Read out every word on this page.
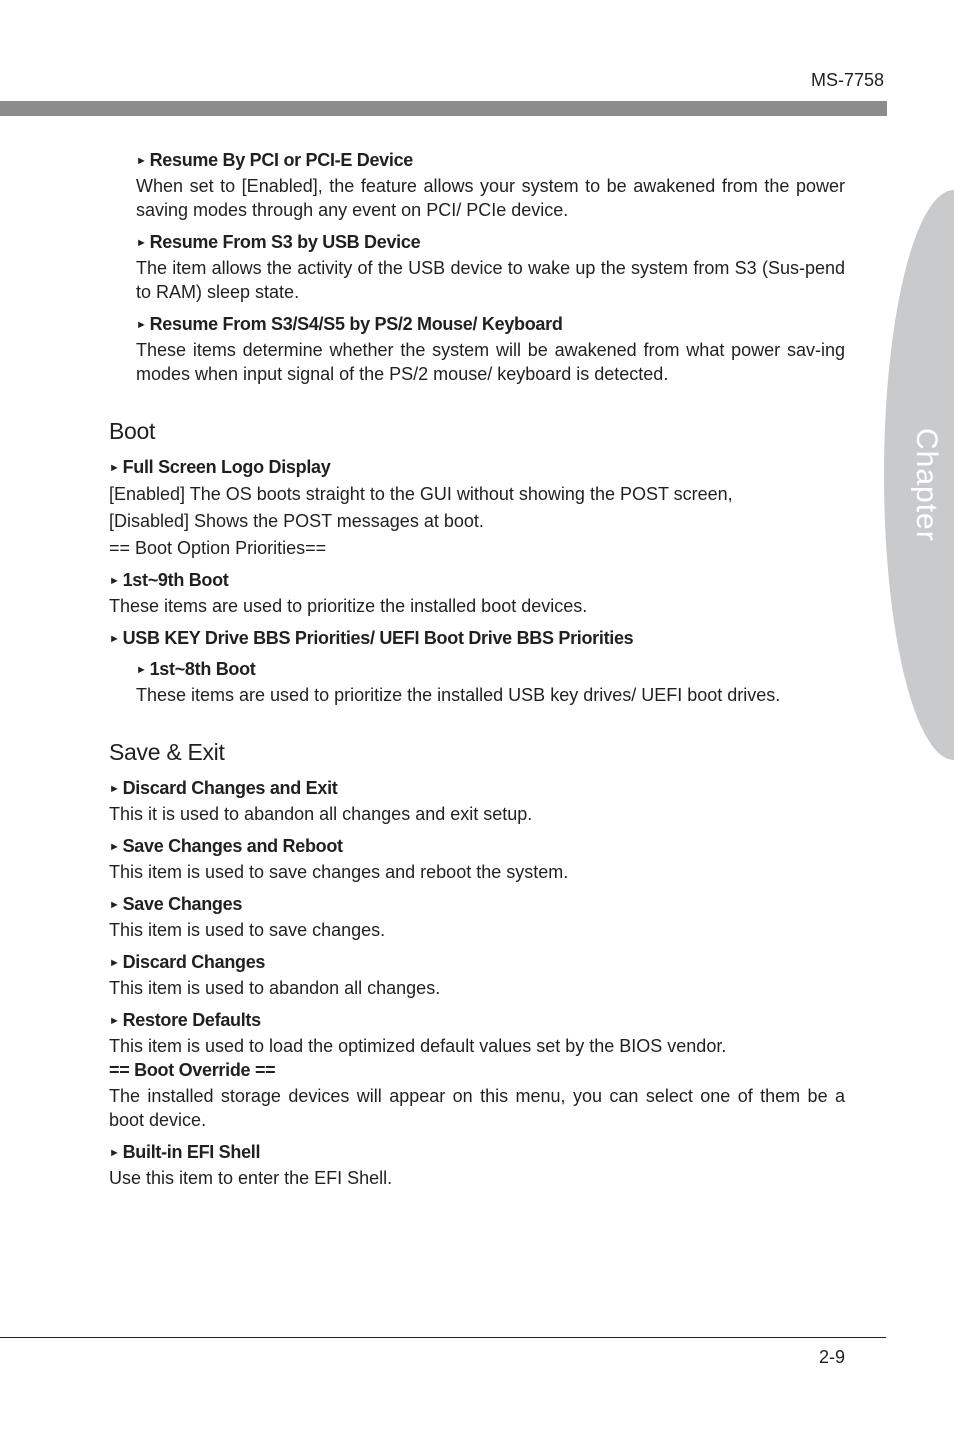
MS-7758
Chapter 2
► Resume By PCI or PCI-E Device

When set to [Enabled], the feature allows your system to be awakened from the power saving modes through any event on PCI/ PCIe device.

► Resume From S3 by USB Device

The item allows the activity of the USB device to wake up the system from S3 (Sus-pend to RAM) sleep state.

► Resume From S3/S4/S5 by PS/2 Mouse/ Keyboard

These items determine whether the system will be awakened from what power sav-ing modes when input signal of the PS/2 mouse/ keyboard is detected.

Boot
► Full Screen Logo Display

[Enabled] The OS boots straight to the GUI without showing the POST screen,

[Disabled] Shows the POST messages at boot.

== Boot Option Priorities==

► 1st~9th Boot

These items are used to prioritize the installed boot devices.

► USB KEY Drive BBS Priorities/ UEFI Boot Drive BBS Priorities
► 1st~8th Boot

These items are used to prioritize the installed USB key drives/ UEFI boot drives.

Save & Exit
► Discard Changes and Exit

This it is used to abandon all changes and exit setup.

► Save Changes and Reboot

This item is used to save changes and reboot the system.

► Save Changes

This item is used to save changes.

► Discard Changes

This item is used to abandon all changes.

► Restore Defaults

This item is used to load the optimized default values set by the BIOS vendor.

== Boot Override ==

The installed storage devices will appear on this menu, you can select one of them be a boot device.

► Built-in EFI Shell

Use this item to enter the EFI Shell.

2-9
